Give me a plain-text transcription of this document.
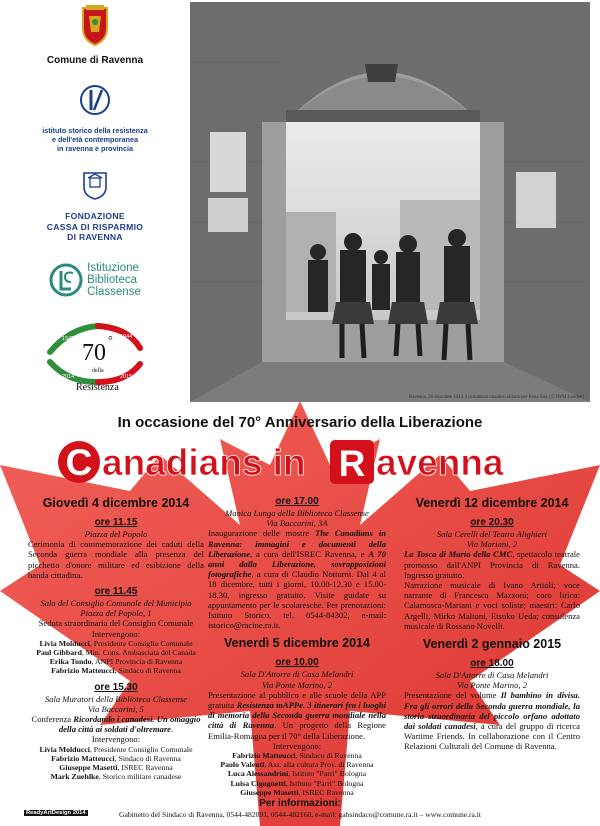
Comune di Ravenna
istituto storico della resistenza
e dell'età contemporanea
in ravenna e provincia
FONDAZIONE
CASSA DI RISPARMIO
DI RAVENNA
Istituzione
Biblioteca
Classense
1945	1944
2014	2015
70 °
della
Resistenza
Ravenna, 28 dicembre 1944. I cornamusi canadesi sfilano per Porta Sisi. (© IWM London)
In occasione del 70° Anniversario della Liberazione
C anadians in R avenna
Giovedì 4 dicembre 2014
ore 11.15
Piazza del Popolo
Cerimonia di commemorazione dei caduti della Seconda guerra mondiale alla presenza del picchetto d'onore militare ed esibizione della banda cittadina.
ore 11.45
Sala del Consiglio Comunale del Municipio
Piazza del Popolo, 1
Seduta straordinaria del Consiglio Comunale
Intervengono:
Livia Molducci, Presidente Consiglio Comunale
Paul Gibbard, Min. Cons. Ambasciata del Canada
Erika Tondo, ANPI Provincia di Ravenna
Fabrizio Matteucci, Sindaco di Ravenna
ore 15.30
Sala Muratori della Biblioteca Classense
Via Baccarini, 5
Conferenza Ricordando i canadesi. Un omaggio della città ai soldati d'oltremare.
Intervengono:
Livia Molducci, Presidente Consiglio Comunale
Fabrizio Matteucci, Sindaco di Ravenna
Giuseppe Masetti, ISREC Ravenna
Mark Zuehlke, Storico militare canadese
ore 17.00
Manica Lunga della Biblioteca Classense
Via Baccarini, 3A
Inaugurazione delle mostre The Canadians in Ravenna: immagini e documenti della Liberazione, a cura dell'ISREC Ravenna, e A 70 anni dalla Liberazione, sovrapposizioni fotografiche, a cura di Claudio Notturni. Dal 4 al 18 dicembre, tutti i giorni, 10.00-12.30 e 15.00-18.30, ingresso gratuito. Visite guidate su appuntamento per le scolaresche. Per prenotazioni: Istituto Storico, tel. 0544-84302, e-mail: istorico@racine.ra.it.
Venerdì 5 dicembre 2014
ore 10.00
Sala D'Attorre di Casa Melandri
Via Ponte Marino, 2
Presentazione al pubblico e alle scuole della APP gratuita Resistenza mAPPe. 3 itinerari fra i luoghi di memoria della Seconda guerra mondiale nella città di Ravenna. Un progetto della Regione Emilia-Romagna per il 70° della Liberazione.
Intervengono:
Fabrizio Matteucci, Sindaco di Ravenna
Paolo Valenti, Ass. alla cultura Prov. di Ravenna
Luca Alessandrini, Istituto "Parri" Bologna
Luisa Cigognetti, Istituto "Parri" Bologna
Giuseppe Masetti, ISREC Ravenna
Venerdì 12 dicembre 2014
ore 20.30
Sala Cerelli del Teatro Alighieri
Via Mariani, 2
La Tosca di Mario della CMC, spettacolo teatrale promosso dall'ANPI Provincia di Ravenna. Ingresso gratuito.
Narrazione musicale di Ivano Artioli; voce narrante di Francesca Mazzoni; coro lirico: Calamosca-Mariani e voci soliste; maestri: Carlo Argelli, Mirko Maltoni, Etsuko Ueda; consulenza musicale di Rossano Novelli.
Venerdì 2 gennaio 2015
ore 18.00
Sala D'Attorre di Casa Melandri
Via Ponte Marino, 2
Presentazione del volume Il bambino in divisa. Fra gli orrori della Seconda guerra mondiale, la storia straordinaria del piccolo orfano adottato dai soldati canadesi, a cura del gruppo di ricerca Wartime Friends. In collaborazione con il Centro Relazioni Culturali del Comune di Ravenna.
Per informazioni:
Gabinetto del Sindaco di Ravenna, 0544-482091, 0544-482160, e-mail: gabsindaco@comune.ra.it – www.comune.ra.it
ReadyArtDesign 2014
